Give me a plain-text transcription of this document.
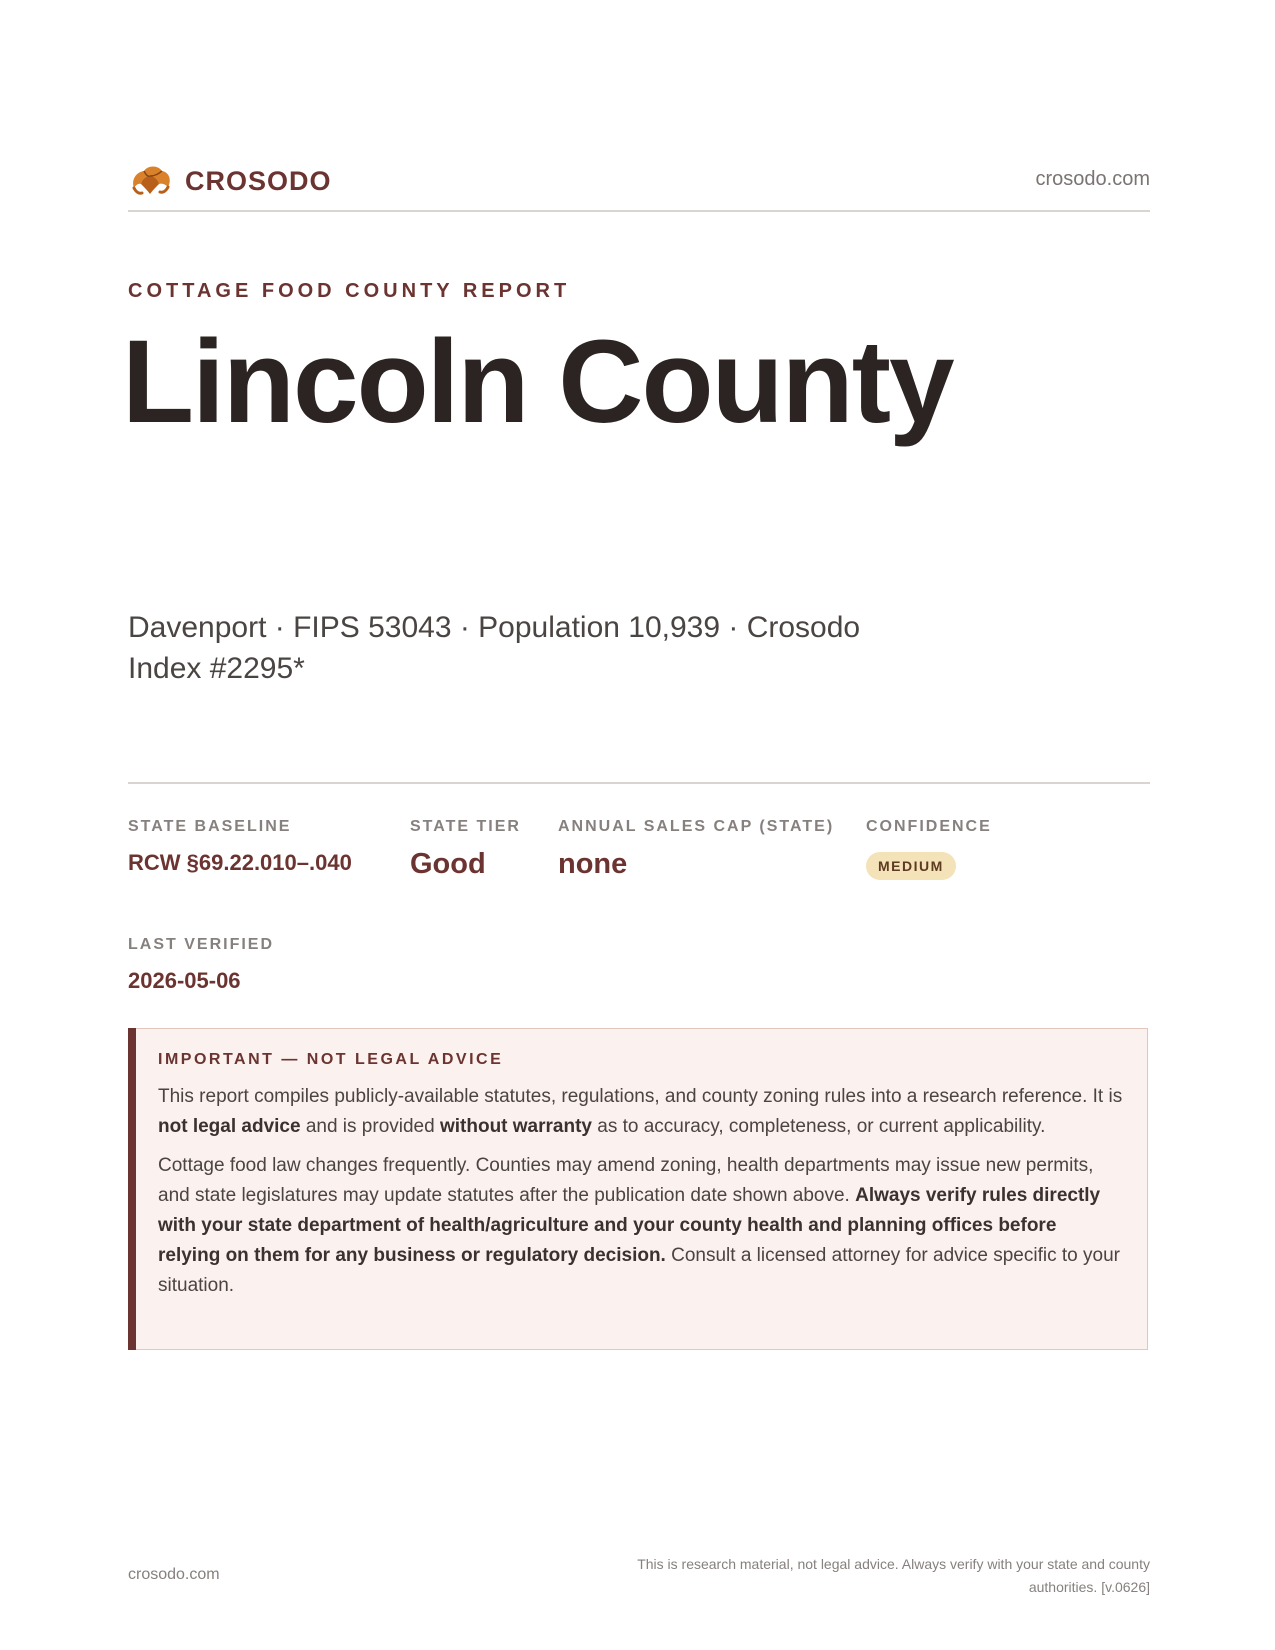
CROSODO	crosodo.com
COTTAGE FOOD COUNTY REPORT
Lincoln County
Davenport · FIPS 53043 · Population 10,939 · Crosodo Index #2295*
STATE BASELINE
RCW §69.22.010–.040
STATE TIER
Good
ANNUAL SALES CAP (STATE)
none
CONFIDENCE
MEDIUM
LAST VERIFIED
2026-05-06
IMPORTANT — NOT LEGAL ADVICE

This report compiles publicly-available statutes, regulations, and county zoning rules into a research reference. It is not legal advice and is provided without warranty as to accuracy, completeness, or current applicability.

Cottage food law changes frequently. Counties may amend zoning, health departments may issue new permits, and state legislatures may update statutes after the publication date shown above. Always verify rules directly with your state department of health/agriculture and your county health and planning offices before relying on them for any business or regulatory decision. Consult a licensed attorney for advice specific to your situation.

crosodo.com
This is research material, not legal advice. Always verify with your state and county authorities. [v.0626]
